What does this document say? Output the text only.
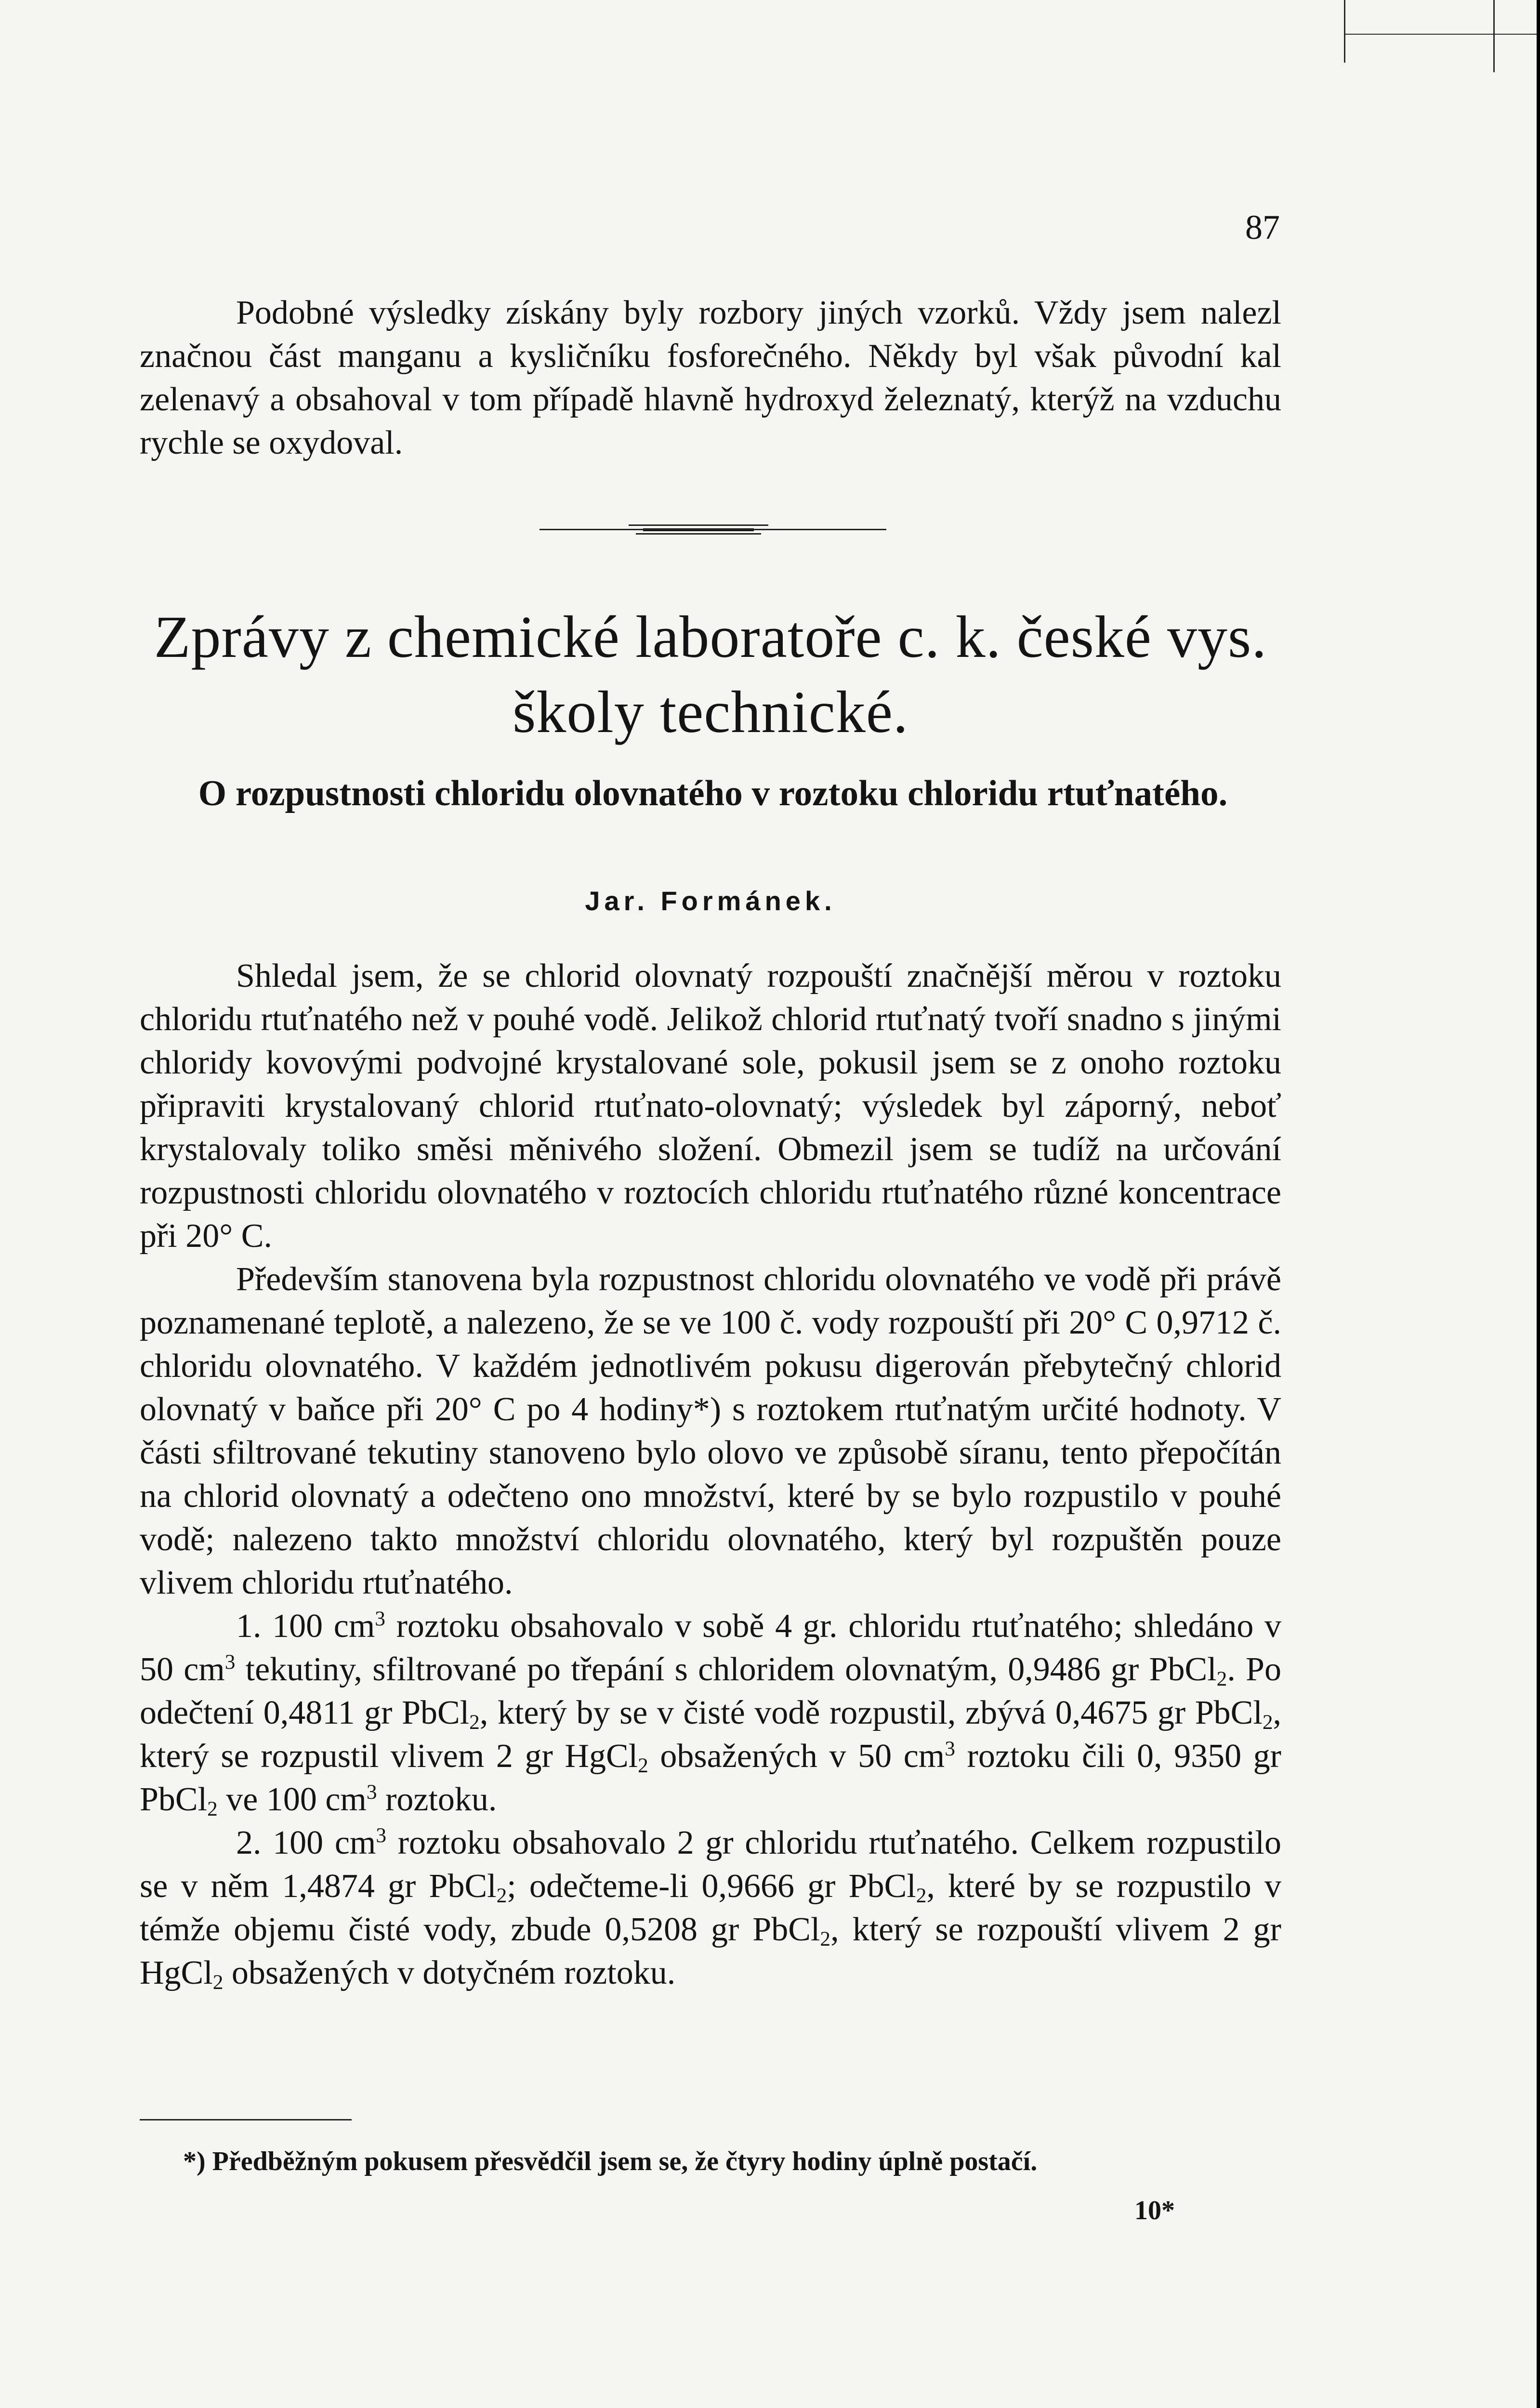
87

Podobné výsledky získány byly rozbory jiných vzorků. Vždy jsem nalezl značnou část manganu a kysličníku fosforečného. Někdy byl však původní kal zelenavý a obsahoval v tom případě hlavně hydroxyd železnatý, kterýž na vzduchu rychle se oxydoval.

Zprávy z chemické laboratoře c. k. české vys. školy technické.
O rozpustnosti chloridu olovnatého v roztoku chloridu rtuťnatého.
Jar. Formánek.

Shledal jsem, že se chlorid olovnatý rozpouští značnější měrou v roztoku chloridu rtuťnatého než v pouhé vodě. Jelikož chlorid rtuťnatý tvoří snadno s jinými chloridy kovovými podvojné krystalované sole, pokusil jsem se z onoho roztoku připraviti krystalovaný chlorid rtuťnato-olovnatý; výsledek byl záporný, neboť krystalovaly toliko směsi měnivého složení. Obmezil jsem se tudíž na určování rozpustnosti chloridu olovnatého v roztocích chloridu rtuťnatého různé koncentrace při 20° C.

Především stanovena byla rozpustnost chloridu olovnatého ve vodě při právě poznamenané teplotě, a nalezeno, že se ve 100 č. vody rozpouští při 20° C 0,9712 č. chloridu olovnatého. V každém jednotlivém pokusu digerován přebytečný chlorid olovnatý v baňce při 20° C po 4 hodiny*) s roztokem rtuťnatým určité hodnoty. V části sfiltrované tekutiny stanoveno bylo olovo ve způsobě síranu, tento přepočítán na chlorid olovnatý a odečteno ono množství, které by se bylo rozpustilo v pouhé vodě; nalezeno takto množství chloridu olovnatého, který byl rozpuštěn pouze vlivem chloridu rtuťnatého.

1. 100 $cm^3$ roztoku obsahovalo v sobě 4 gr. chloridu rtuťnatého; shledáno v 50 $cm^3$ tekutiny, sfiltrované po třepání s chloridem olovnatým, 0,9486 gr PbCl$_2$. Po odečtení 0,4811 gr PbCl$_2$, který by se v čisté vodě rozpustil, zbývá 0,4675 gr PbCl$_2$, který se rozpustil vlivem 2 gr HgCl$_2$ obsažených v 50 $cm^3$ roztoku čili 0, 9350 gr PbCl$_2$ ve 100 $cm^3$ roztoku.

2. 100 $cm^3$ roztoku obsahovalo 2 gr chloridu rtuťnatého. Celkem rozpustilo se v něm 1,4874 gr PbCl$_2$; odečteme-li 0,9666 gr PbCl$_2$, které by se rozpustilo v témže objemu čisté vody, zbude 0,5208 gr PbCl$_2$, který se rozpouští vlivem 2 gr HgCl$_2$ obsažených v dotyčném roztoku.

*) Předběžným pokusem přesvědčil jsem se, že čtyry hodiny úplně postačí.
10*
